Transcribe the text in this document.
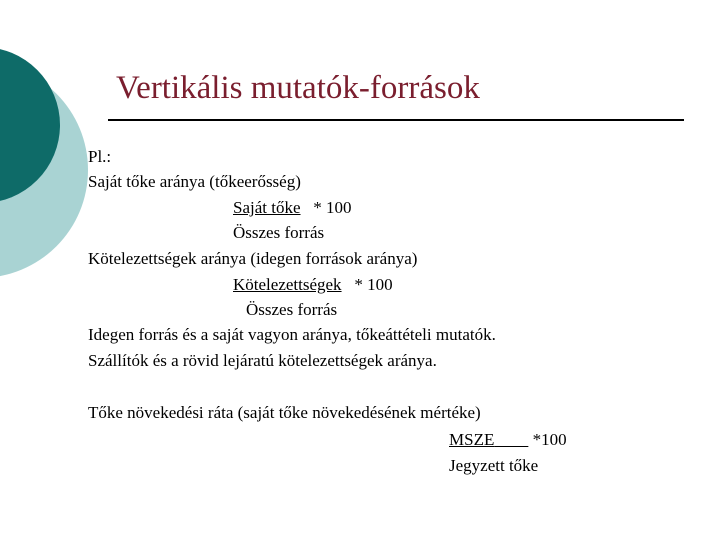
Vertikális mutatók-források
Pl.:
Saját tőke aránya (tőkeerősség)
Saját tőke * 100
Összes forrás
Kötelezettségek aránya (idegen források aránya)
Kötelezettségek * 100
Összes forrás
Idegen forrás és a saját vagyon aránya, tőkeáttételi mutatók.
Szállítók és a rövid lejáratú kötelezettségek aránya.
Tőke növekedési ráta (saját tőke növekedésének mértéke)
MSZE *100
Jegyzett tőke
